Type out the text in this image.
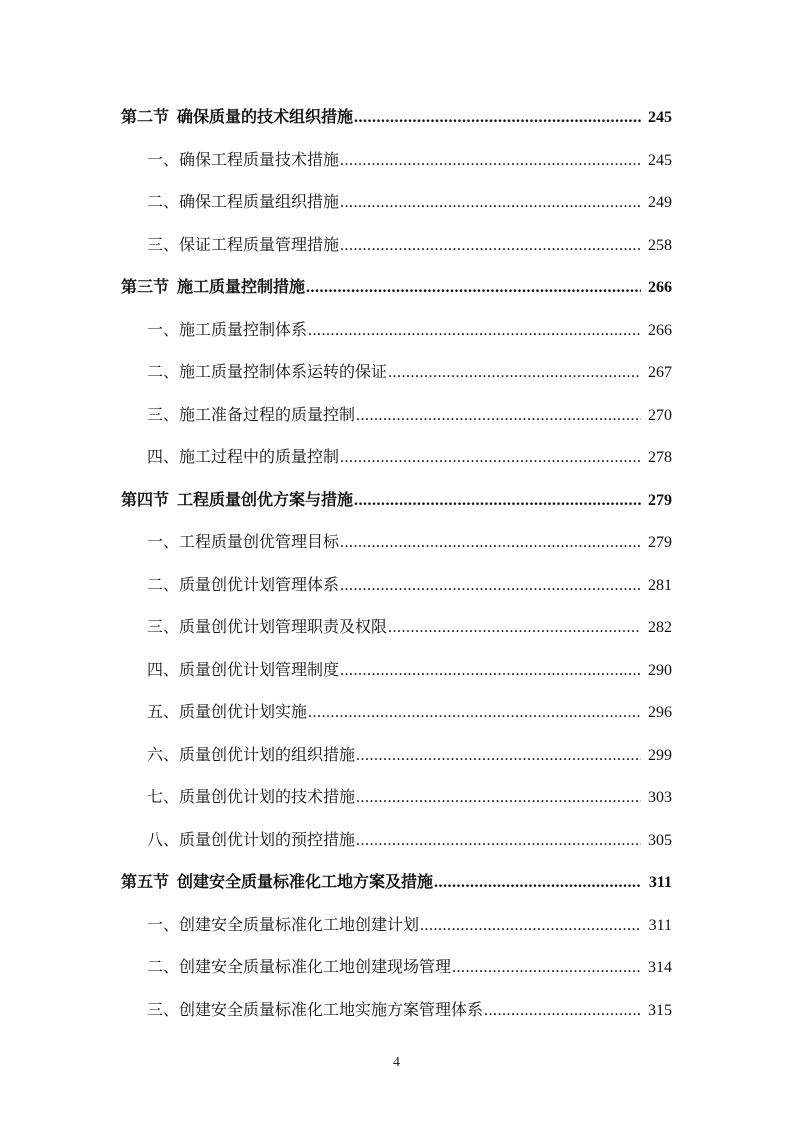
第二节 确保质量的技术组织措施 .....	245
一、 确保工程质量技术措施 .....	245
二、 确保工程质量组织措施 .....	249
三、 保证工程质量管理措施 .....	258
第三节 施工质量控制措施 .....	266
一、 施工质量控制体系 .....	266
二、 施工质量控制体系运转的保证 .....	267
三、 施工准备过程的质量控制 .....	270
四、 施工过程中的质量控制 .....	278
第四节 工程质量创优方案与措施 .....	279
一、 工程质量创优管理目标 .....	279
二、 质量创优计划管理体系 .....	281
三、 质量创优计划管理职责及权限 .....	282
四、 质量创优计划管理制度 .....	290
五、 质量创优计划实施 .....	296
六、 质量创优计划的组织措施 .....	299
七、 质量创优计划的技术措施 .....	303
八、 质量创优计划的预控措施 .....	305
第五节 创建安全质量标准化工地方案及措施 .....	311
一、 创建安全质量标准化工地创建计划 .....	311
二、 创建安全质量标准化工地创建现场管理 .....	314
三、 创建安全质量标准化工地实施方案管理体系 .....	315
4
